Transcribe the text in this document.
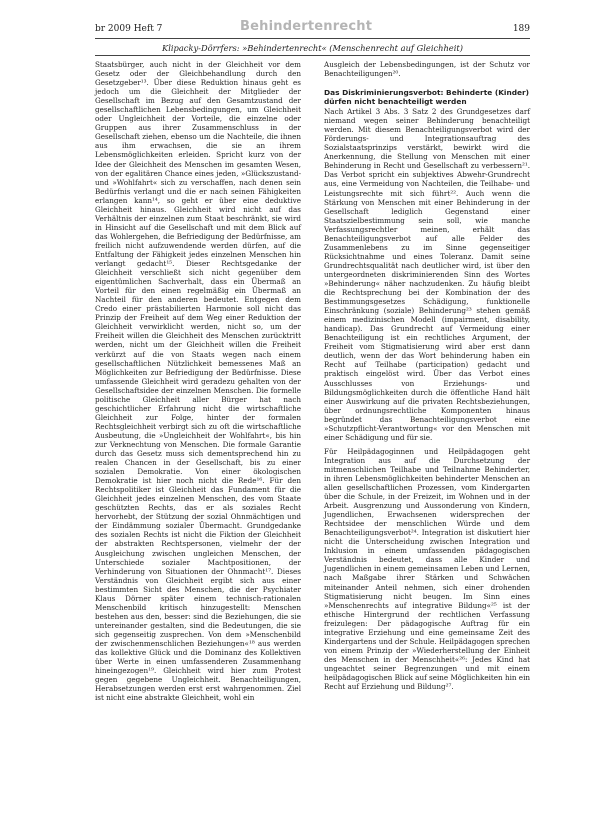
br 2009 Heft 7	Behindertenrecht	189
Klipacky-Dörrfers: »Behindertenrecht« (Menschenrecht auf Gleichheit)

Staatsbürger, auch nicht in der Gleichheit vor dem Gesetz oder der Gleichbehandlung durch den Gesetzgeber¹³. Über diese Reduktion hinaus geht es jedoch um die Gleichheit der Mitglieder der Gesellschaft im Bezug auf den Gesamtzustand der gesellschaftlichen Lebensbedingungen, um Gleichheit oder Ungleichheit der Vorteile, die einzelne oder Gruppen aus ihrer Zusammenschluss in der Gesellschaft ziehen, ebenso um die Nachteile, die ihnen aus ihm erwachsen, die sie an ihrem Lebensmöglichkeiten erleiden. Spricht kurz von der Idee der Gleichheit des Menschen im gesamten Wesen, von der egalitären Chance eines jeden, »Glückszustand- und »Wohlfahrt« sich zu verschaffen, nach denen sein Bedürfnis verlangt und die er nach seinen Fähigkeiten erlangen kann¹⁴, so geht er über eine deduktive Gleichheit hinaus. Gleichheit wird nicht auf das Verhältnis der einzelnen zum Staat beschränkt, sie wird in Hinsicht auf die Gesellschaft und mit dem Blick auf das Wohlergehen, die Befriedigung der Bedürfnisse, am freilich nicht aufzuwendende werden dürfen, auf die Entfaltung der Fähigkeit jedes einzelnen Menschen hin verlangt gedacht¹⁵. Dieser Rechtsgedanke der Gleichheit verschließt sich nicht gegenüber dem eigentümlichen Sachverhalt, dass ein Übermaß an Vorteil für den einen regelmäßig ein Übermaß an Nachteil für den anderen bedeutet. Entgegen dem Credo einer prästabilierten Harmonie soll nicht das Prinzip der Freiheit auf dem Weg einer Reduktion der Gleichheit verwirklicht werden, nicht so, um der Freiheit willen die Gleichheit des Menschen zurücktritt werden, nicht um der Gleichheit willen die Freiheit verkürzt auf die von Staats wegen nach einem gesellschaftlichen Nützlichkeit bemessenes Maß an Möglichkeiten zur Befriedigung der Bedürfnisse. Diese umfassende Gleichheit wird geradezu gehalten von der Gesellschaftsidee der einzelnen Menschen. Die formelle politische Gleichheit aller Bürger hat nach geschichtlicher Erfahrung nicht die wirtschaftliche Gleichheit zur Folge, hinter der formalen Rechtsgleichheit verbirgt sich zu oft die wirtschaftliche Ausbeutung, die »Ungleichheit der Wohlfahrt«, bis hin zur Verknechtung von Menschen. Die formale Garantie durch das Gesetz muss sich dementsprechend hin zu realen Chancen in der Gesellschaft, bis zu einer sozialen Demokratie. Von einer ökologischen Demokratie ist hier noch nicht die Rede¹⁶. Für den Rechtspolitiker ist Gleichheit das Fundament für die Gleichheit jedes einzelnen Menschen, des vom Staate geschützten Rechts, das er als soziales Recht hervorhebt, der Stützung der sozial Ohnmächtigen und der Eindämmung sozialer Übermacht. Grundgedanke des sozialen Rechts ist nicht die Fiktion der Gleichheit der abstrakten Rechtspersonen, vielmehr der der Ausgleichung zwischen ungleichen Menschen, der Unterschiede sozialer Machtpositionen, der Verhinderung von Situationen der Ohnmacht¹⁷. Dieses Verständnis von Gleichheit ergibt sich aus einer bestimmten Sicht des Menschen, die der Psychiater Klaus Dörner später einem technisch-rationalen Menschenbild kritisch hinzugestellt: Menschen bestehen aus den, besser: sind die Beziehungen, die sie untereinander gestalten, sind die Bedeutungen, die sie sich gegenseitig zusprechen. Von dem »Menschenbild der zwischenmenschlichen Beziehungen«¹⁸ aus werden das kollektive Glück und die Dominanz des Kollektiven über Werte in einen umfassenderen Zusammenhang hineingezogen¹⁹. Gleichheit wird hier zum Protest gegen gegebene Ungleichheit. Benachteiligungen, Herabsetzungen werden erst erst wahrgenommen. Ziel ist nicht eine abstrakte Gleichheit, wohl ein

Ausgleich der Lebensbedingungen, ist der Schutz vor Benachteiligungen²⁰.

Das Diskriminierungsverbot: Behinderte (Kinder) dürfen nicht benachteiligt werden

Nach Artikel 3 Abs. 3 Satz 2 des Grundgesetzes darf niemand wegen seiner Behinderung benachteiligt werden. Mit diesem Benachteiligungsverbot wird der Förderungs- und Integrationsauftrag des Sozialstaatsprinzips verstärkt, bewirkt wird die Anerkennung, die Stellung von Menschen mit einer Behinderung in Recht und Gesellschaft zu verbessern²¹. Das Verbot spricht ein subjektives Abwehr-Grundrecht aus, eine Vermeidung von Nachteilen, die Teilhabe- und Leistungsrechte mit sich führt²². Auch wenn die Stärkung von Menschen mit einer Behinderung in der Gesellschaft lediglich Gegenstand einer Staatszielbestimmung sein soll, wie manche Verfassungsrechtler meinen, erhält das Benachteiligungsverbot auf alle Felder des Zusammenlebens zu im Sinne gegenseitiger Rücksichtnahme und eines Toleranz. Damit seine Grundrechtsqualität nach deutlicher wird, ist über den untergeordneten diskriminierenden Sinn des Wortes »Behinderung« näher nachzudenken. Zu häufig bleibt die Rechtsprechung bei der Kombination der des Bestimmungsgesetzes Schädigung, funktionelle Einschränkung (soziale) Behinderung²³ stehen gemäß einem medizinischen Modell (impairment, disability, handicap). Das Grundrecht auf Vermeidung einer Benachteiligung ist ein rechtliches Argument, der Freiheit vom Stigmatisierung wird aber erst dann deutlich, wenn der das Wort behinderung haben ein Recht auf Teilhabe (participation) gedacht und praktisch eingelöst wird. Über das Verbot eines Ausschlusses von Erziehungs- und Bildungsmöglichkeiten durch die öffentliche Hand hält einer Auswirkung auf die privaten Rechtsbeziehungen, über ordnungsrechtliche Komponenten hinaus begründet das Benachteiligungsverbot eine »Schutzpflicht-Verantwortung« vor den Menschen mit einer Schädigung und für sie.

Für Heilpädagoginnen und Heilpädagogen geht Integration aus auf die Durchsetzung der mitmenschlichen Teilhabe und Teilnahme Behinderter, in ihren Lebensmöglichkeiten behinderter Menschen an allen gesellschaftlichen Prozessen, vom Kindergarten über die Schule, in der Freizeit, im Wohnen und in der Arbeit. Ausgrenzung und Aussonderung von Kindern, Jugendlichen, Erwachsenen widersprechen der Rechtsidee der menschlichen Würde und dem Benachteiligungsverbot²⁴. Integration ist diskutiert hier nicht die Unterscheidung zwischen Integration und Inklusion in einem umfassenden pädagogischen Verständnis bedeutet, dass alle Kinder und Jugendlichen in einem gemeinsamen Leben und Lernen, nach Maßgabe ihrer Stärken und Schwächen miteinander Anteil nehmen, sich einer drohenden Stigmatisierung nicht beugen. Im Sinn eines »Menschenrechts auf integrative Bildung«²⁵ ist der ethische Hintergrund der rechtlichen Verfassung freizulegen: Der pädagogische Auftrag für ein integrative Erziehung und eine gemeinsame Zeit des Kindergartens und der Schule. Heilpädagogen sprechen von einem Prinzip der »Wiederherstellung der Einheit des Menschen in der Menschheit«²⁶: Jedes Kind hat ungeachtet seiner Begrenzungen und mit einem heilpädagogischen Blick auf seine Möglichkeiten hin ein Recht auf Erziehung und Bildung²⁷.
